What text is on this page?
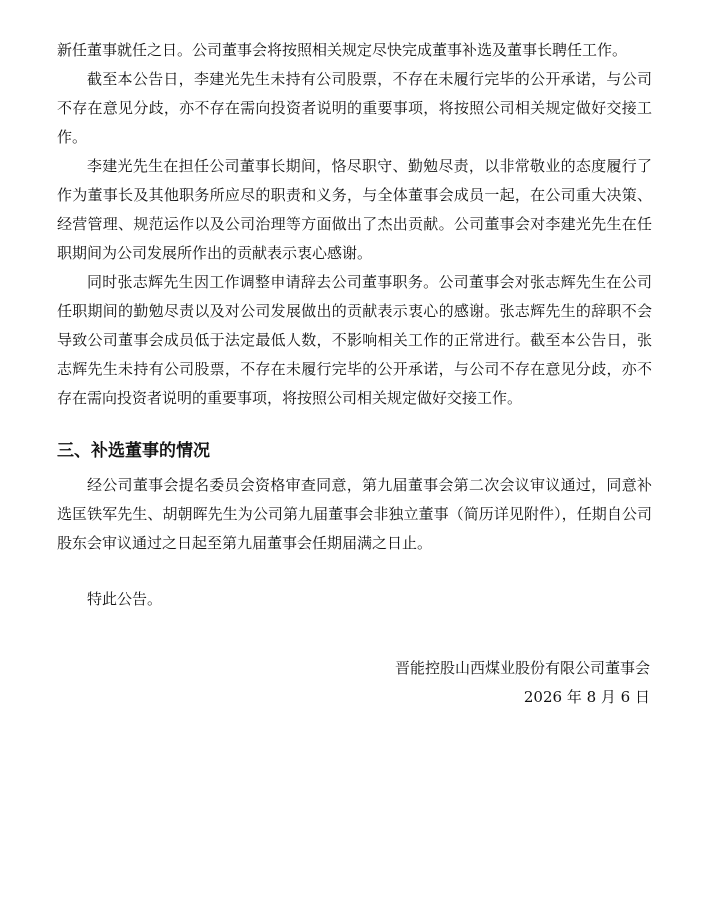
新任董事就任之日。公司董事会将按照相关规定尽快完成董事补选及董事长聘任工作。

截至本公告日，李建光先生未持有公司股票，不存在未履行完毕的公开承诺，与公司不存在意见分歧，亦不存在需向投资者说明的重要事项，将按照公司相关规定做好交接工作。

李建光先生在担任公司董事长期间，恪尽职守、勤勉尽责，以非常敬业的态度履行了作为董事长及其他职务所应尽的职责和义务，与全体董事会成员一起，在公司重大决策、经营管理、规范运作以及公司治理等方面做出了杰出贡献。公司董事会对李建光先生在任职期间为公司发展所作出的贡献表示衷心感谢。

同时张志辉先生因工作调整申请辞去公司董事职务。公司董事会对张志辉先生在公司任职期间的勤勉尽责以及对公司发展做出的贡献表示衷心的感谢。张志辉先生的辞职不会导致公司董事会成员低于法定最低人数，不影响相关工作的正常进行。截至本公告日，张志辉先生未持有公司股票，不存在未履行完毕的公开承诺，与公司不存在意见分歧，亦不存在需向投资者说明的重要事项，将按照公司相关规定做好交接工作。

三、补选董事的情况

经公司董事会提名委员会资格审查同意，第九届董事会第二次会议审议通过，同意补选匡铁军先生、胡朝晖先生为公司第九届董事会非独立董事（简历详见附件），任期自公司股东会审议通过之日起至第九届董事会任期届满之日止。

特此公告。

晋能控股山西煤业股份有限公司董事会
2026 年 8 月 6 日
